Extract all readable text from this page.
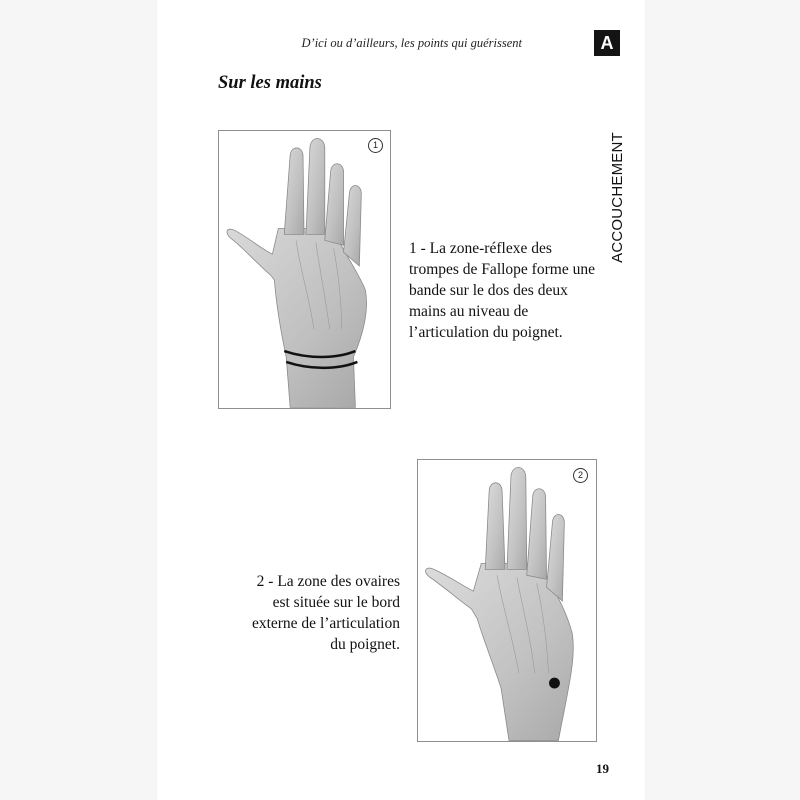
D’ici ou d’ailleurs, les points qui guérissent	A
ACCOUCHEMENT
Sur les mains
1
1 - La zone-réflexe des trompes de Fallope forme une bande sur le dos des deux mains au niveau de l’articulation du poignet.
2
2 - La zone des ovaires est située sur le bord externe de l’articulation du poignet.
19
